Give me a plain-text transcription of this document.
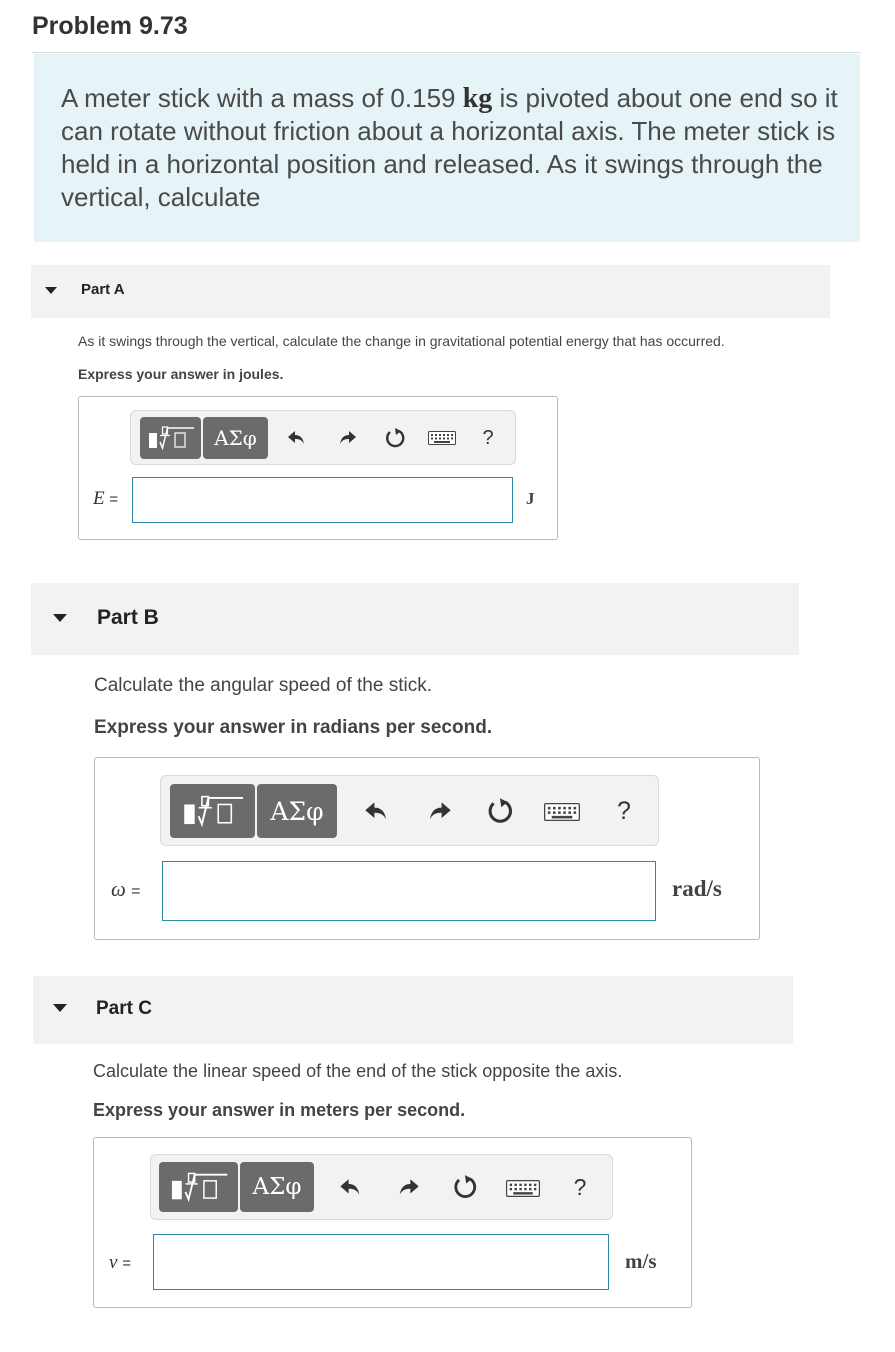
Problem 9.73
A meter stick with a mass of 0.159 kg is pivoted about one end so it can rotate without friction about a horizontal axis. The meter stick is held in a horizontal position and released. As it swings through the vertical, calculate
Part A
As it swings through the vertical, calculate the change in gravitational potential energy that has occurred.
Express your answer in joules.
ΑΣφ	?
E =	J
Part B
Calculate the angular speed of the stick.
Express your answer in radians per second.
ΑΣφ	?
ω =	rad/s
Part C
Calculate the linear speed of the end of the stick opposite the axis.
Express your answer in meters per second.
ΑΣφ	?
v =	m/s
